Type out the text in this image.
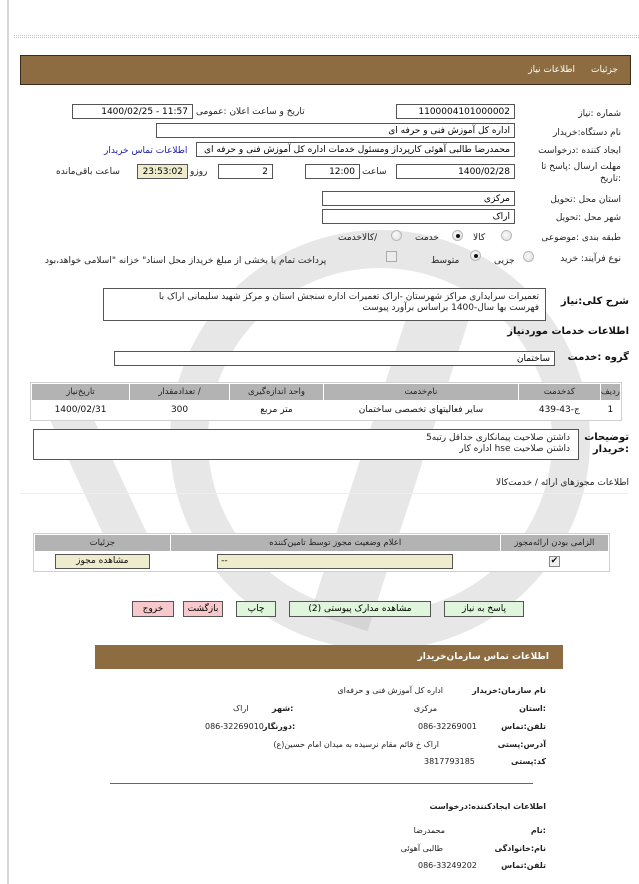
جزئیات
اطلاعات نیاز
شماره :نیاز
1100004101000002
تاریخ و ساعت اعلان :عمومی
1400/02/25 - 11:57
نام دستگاه:خریدار
اداره کل آموزش فنی و حرفه ای
ایجاد کننده :درخواست
محمدرضا طالبی آهوئی کارپرداز ومسئول خدمات اداره کل آموزش فنی و حرفه ای
اطلاعات تماس خریدار
مهلت ارسال :پاسخ تا
:تاریخ
1400/02/28
ساعت
12:00
2
روزو
23:53:02
ساعت باقی‌مانده
استان محل :تحویل
مرکزی
شهر محل :تحویل
اراک
طبقه بندی :موضوعی
کالا
خدمت
/کالاخدمت
نوع فرآیند: خرید
جزیی
متوسط
پرداخت تمام یا بخشی از مبلغ خریداز محل اسناد" خزانه "اسلامی خواهد،بود
شرح کلی:نیاز
تعمیرات سرایداری مراکز شهرستان -اراک تعمیرات اداره سنجش استان و مرکز شهید سلیمانی اراک با
فهرست بها سال-1400 براساس برآورد پیوست
اطلاعات خدمات موردنیاز
گروه :خدمت
ساختمان
ردیف	کدخدمت	نام‌خدمت	واحد اندازه‌گیری	/ تعدادمقدار	تاریخ‌نیاز
1	ج-43-439	سایر فعالیتهای تخصصی ساختمان	متر مربع	300	1400/02/31
توضیحات
:خریدار
داشتن صلاحیت پیمانکاری حداقل رتبه5
داشتن صلاحیت hse اداره کار
اطلاعات مجوزهای ارائه / خدمت‌کالا
الزامی بودن ارائه‌مجوز	اعلام وضعیت مجوز توسط تامین‌کننده	جزئیات
✔	--	مشاهده مجوز
پاسخ به نیاز
مشاهده مدارک پیوستی (2)
چاپ
بازگشت
خروج
اطلاعات تماس سازمان‌خریدار
نام سازمان:خریدار
اداره کل آموزش فنی و حرفه‌ای
:استان
مرکزی
:شهر
اراک
تلفن:تماس
086-32269001
:دورنگار
086-32269010
آدرس:پستی
اراک خ قائم مقام نرسیده به میدان امام حسین(ع)
کد:پستی
3817793185
اطلاعات ایجادکننده:درخواست
:نام
محمدرضا
نام:خانوادگی
طالبی آهوئی
تلفن:تماس
086-33249202
